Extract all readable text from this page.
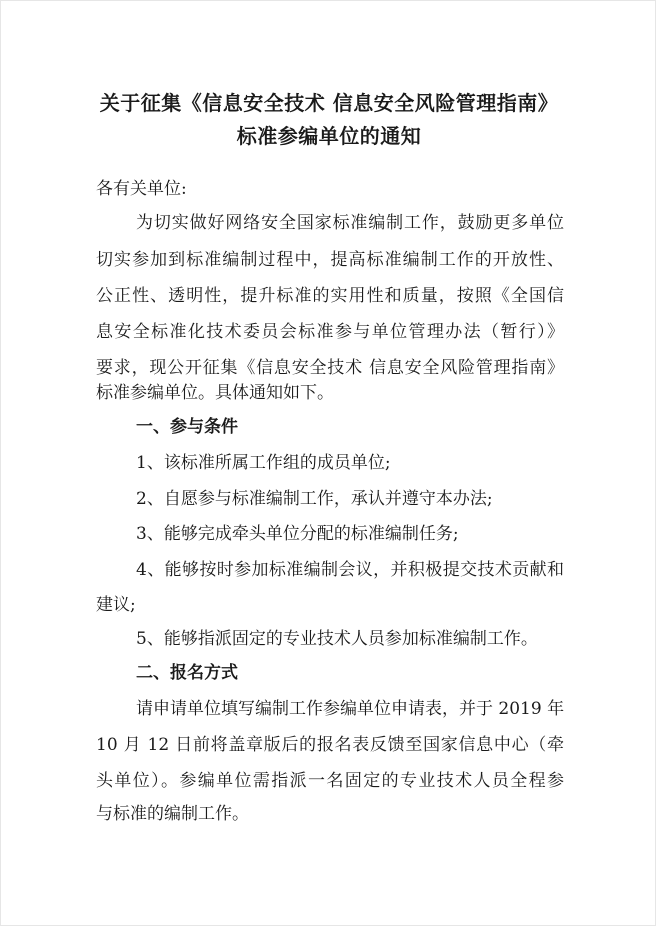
关于征集《信息安全技术 信息安全风险管理指南》
标准参编单位的通知
各有关单位:
为切实做好网络安全国家标准编制工作，鼓励更多单位
切实参加到标准编制过程中，提高标准编制工作的开放性、
公正性、透明性，提升标准的实用性和质量，按照《全国信
息安全标准化技术委员会标准参与单位管理办法（暂行）》
要求，现公开征集《信息安全技术 信息安全风险管理指南》
标准参编单位。具体通知如下。
一、参与条件
1、该标准所属工作组的成员单位;
2、自愿参与标准编制工作，承认并遵守本办法;
3、能够完成牵头单位分配的标准编制任务;
4、能够按时参加标准编制会议，并积极提交技术贡献和
建议;
5、能够指派固定的专业技术人员参加标准编制工作。
二、报名方式
请申请单位填写编制工作参编单位申请表，并于 2019 年
10 月 12 日前将盖章版后的报名表反馈至国家信息中心（牵
头单位）。参编单位需指派一名固定的专业技术人员全程参
与标准的编制工作。
